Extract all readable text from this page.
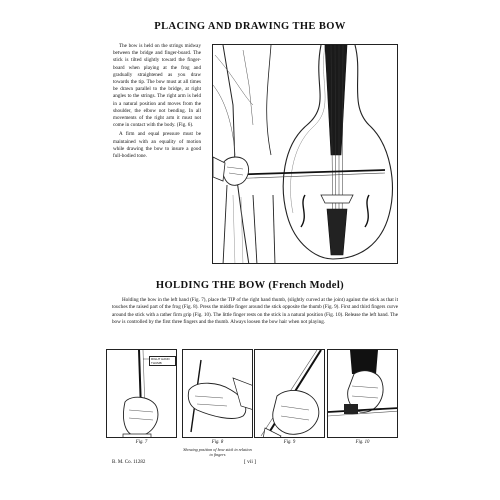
PLACING AND DRAWING THE BOW

The bow is held on the strings midway between the bridge and finger-board. The stick is tilted slightly toward the finger-board when playing at the frog and gradually straightened as you draw towards the tip. The bow must at all times be drawn parallel to the bridge, at right angles to the strings. The right arm is held in a natural position and moves from the shoulder, the elbow not bending. In all movements of the right arm it must not come in contact with the body. (Fig. 6).

A firm and equal pressure must be maintained with an equality of motion while drawing the bow to insure a good full-bodied tone.

HOLDING THE BOW (French Model)

Holding the bow in the left hand (Fig. 7), place the TIP of the right hand thumb, (slightly curved at the joint) against the stick as that it touches the raised part of the frog (Fig. 8). Press the middle finger around the stick opposite the thumb (Fig. 9). First and third fingers curve around the stick with a rather firm grip (Fig. 10). The little finger rests on the stick in a natural position (Fig. 10). Release the left hand. The bow is controlled by the first three fingers and the thumb. Always loosen the bow hair when not playing.

RIGHT HAND THUMB
Fig. 7	Fig. 8	Fig. 9	Fig. 10
Showing position of bow stick in relation to fingers
B. M. Co. 11282	[ vii ]
